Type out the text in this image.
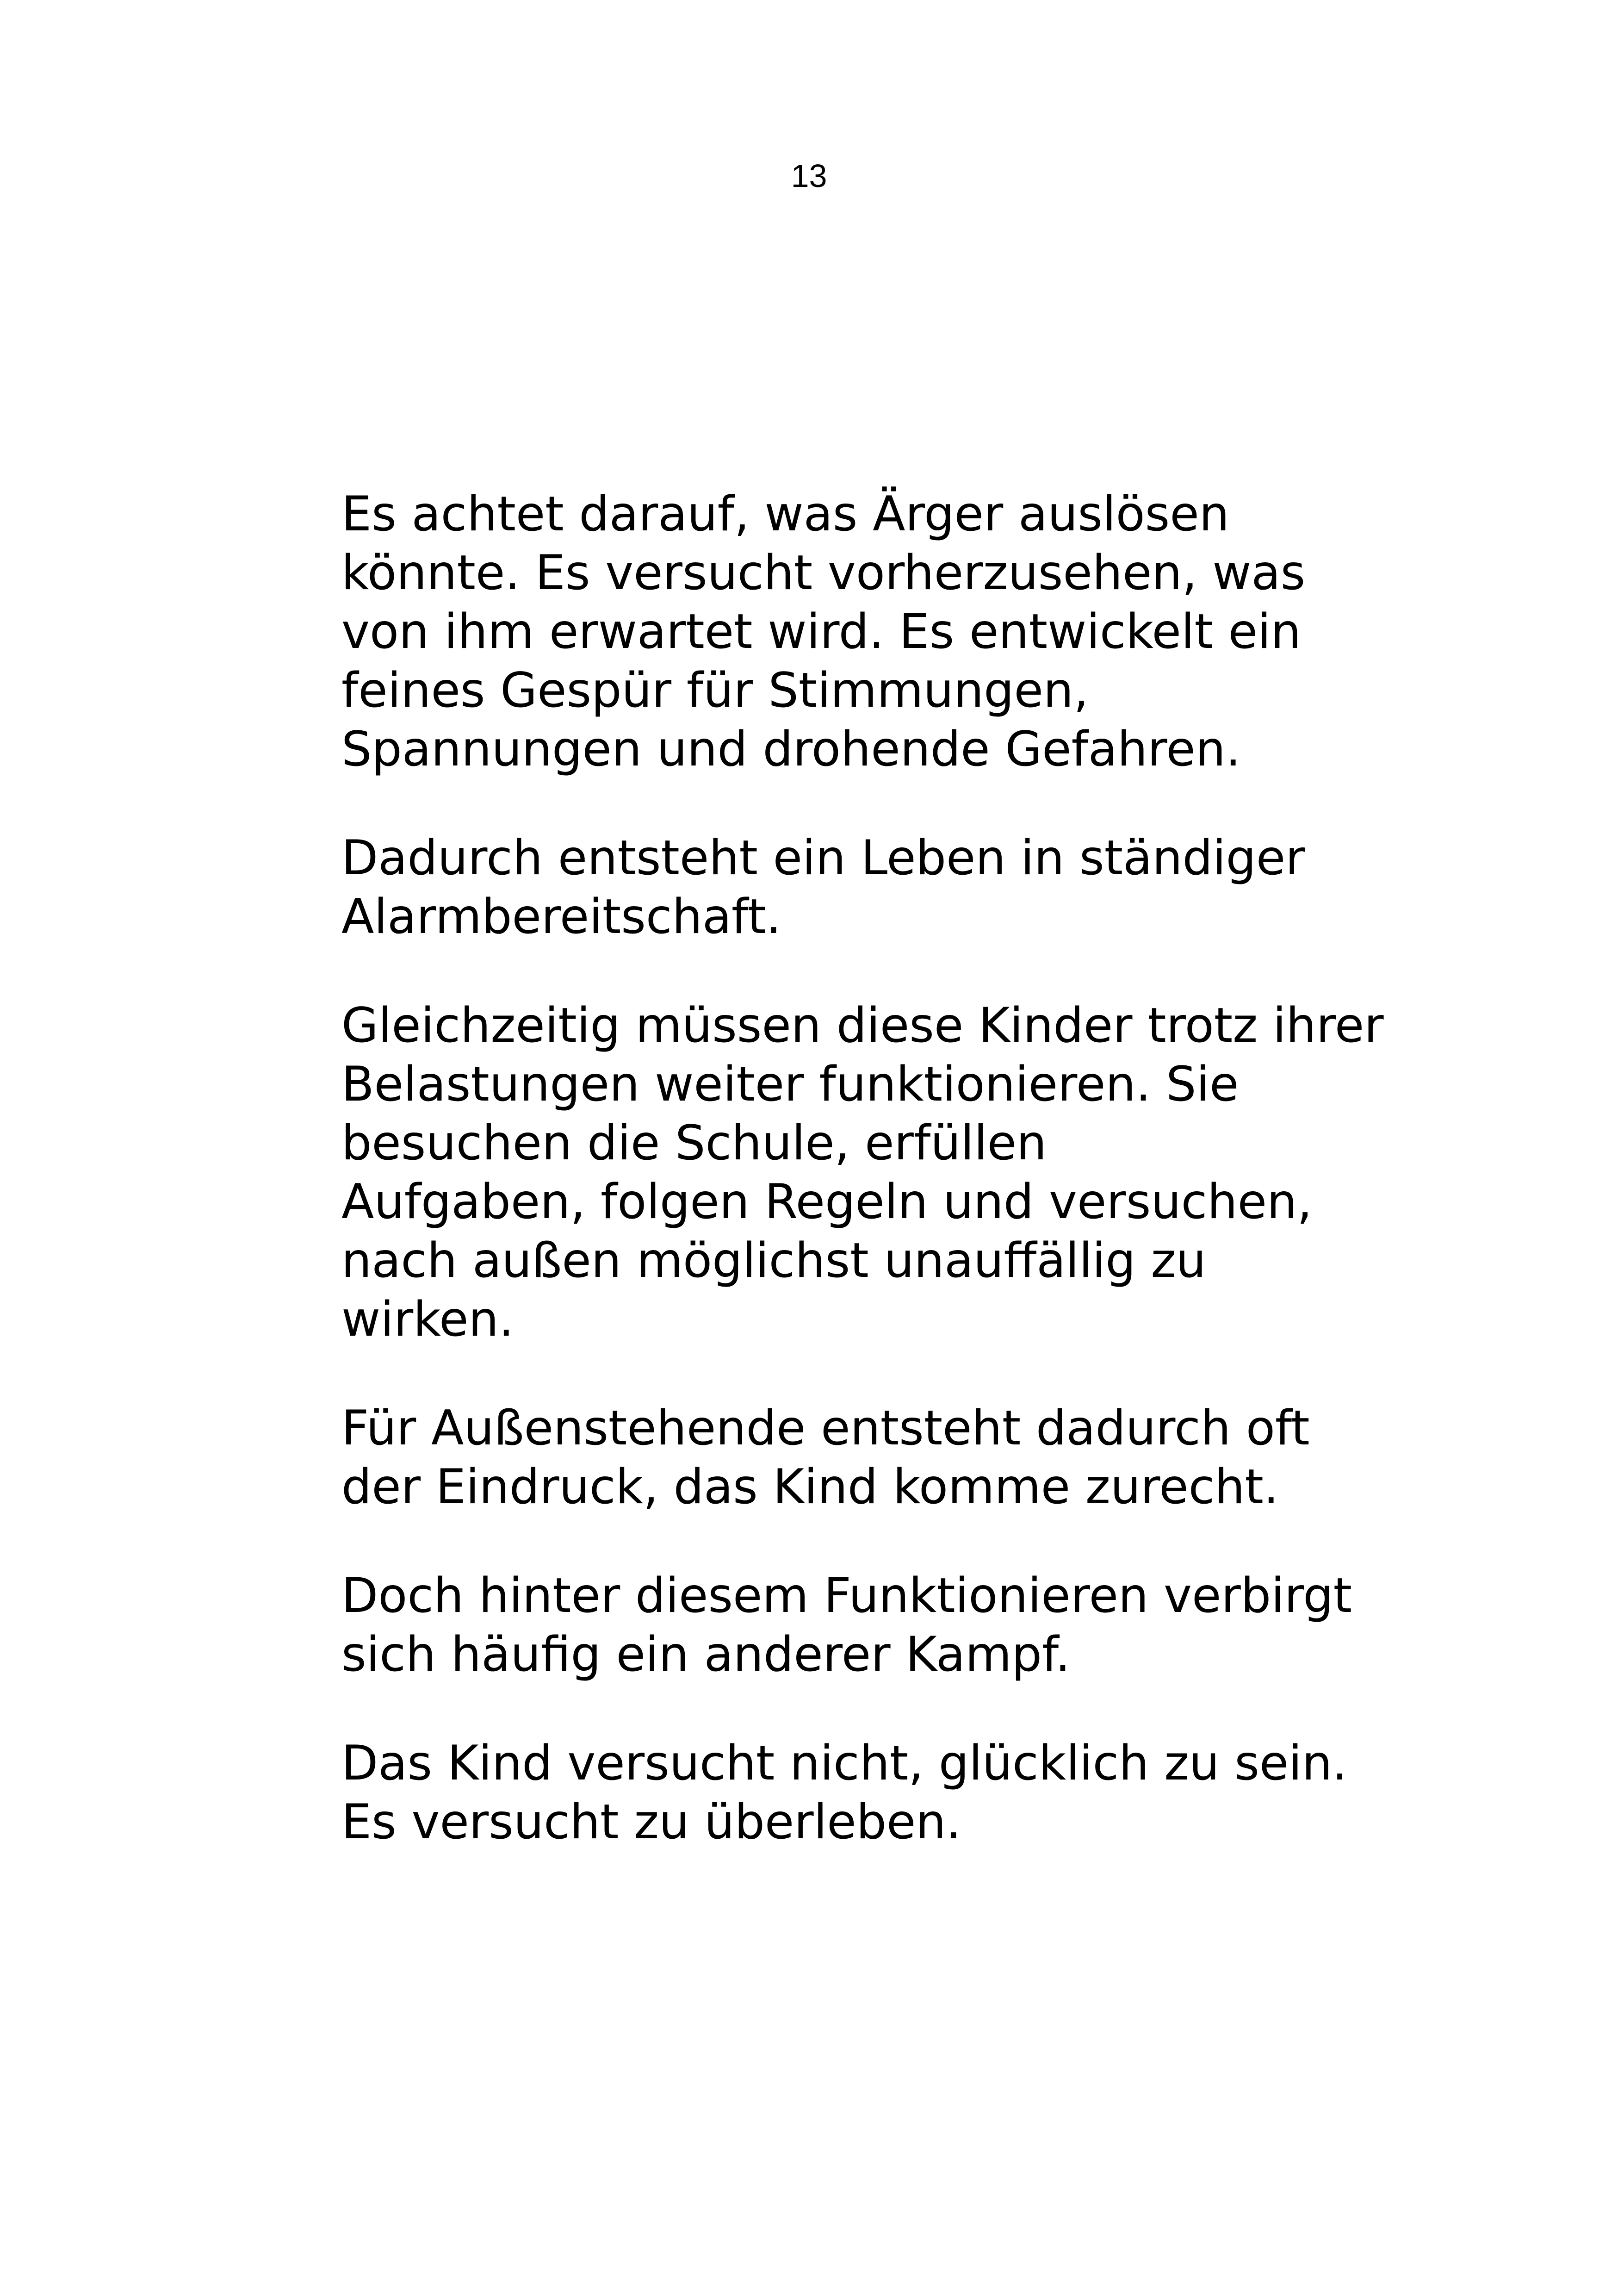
13

Es achtet darauf, was Ärger auslösen
könnte. Es versucht vorherzusehen, was
von ihm erwartet wird. Es entwickelt ein
feines Gespür für Stimmungen,
Spannungen und drohende Gefahren.

Dadurch entsteht ein Leben in ständiger
Alarmbereitschaft.

Gleichzeitig müssen diese Kinder trotz ihrer
Belastungen weiter funktionieren. Sie
besuchen die Schule, erfüllen
Aufgaben, folgen Regeln und versuchen,
nach außen möglichst unauffällig zu
wirken.

Für Außenstehende entsteht dadurch oft
der Eindruck, das Kind komme zurecht.

Doch hinter diesem Funktionieren verbirgt
sich häufig ein anderer Kampf.

Das Kind versucht nicht, glücklich zu sein.
Es versucht zu überleben.
